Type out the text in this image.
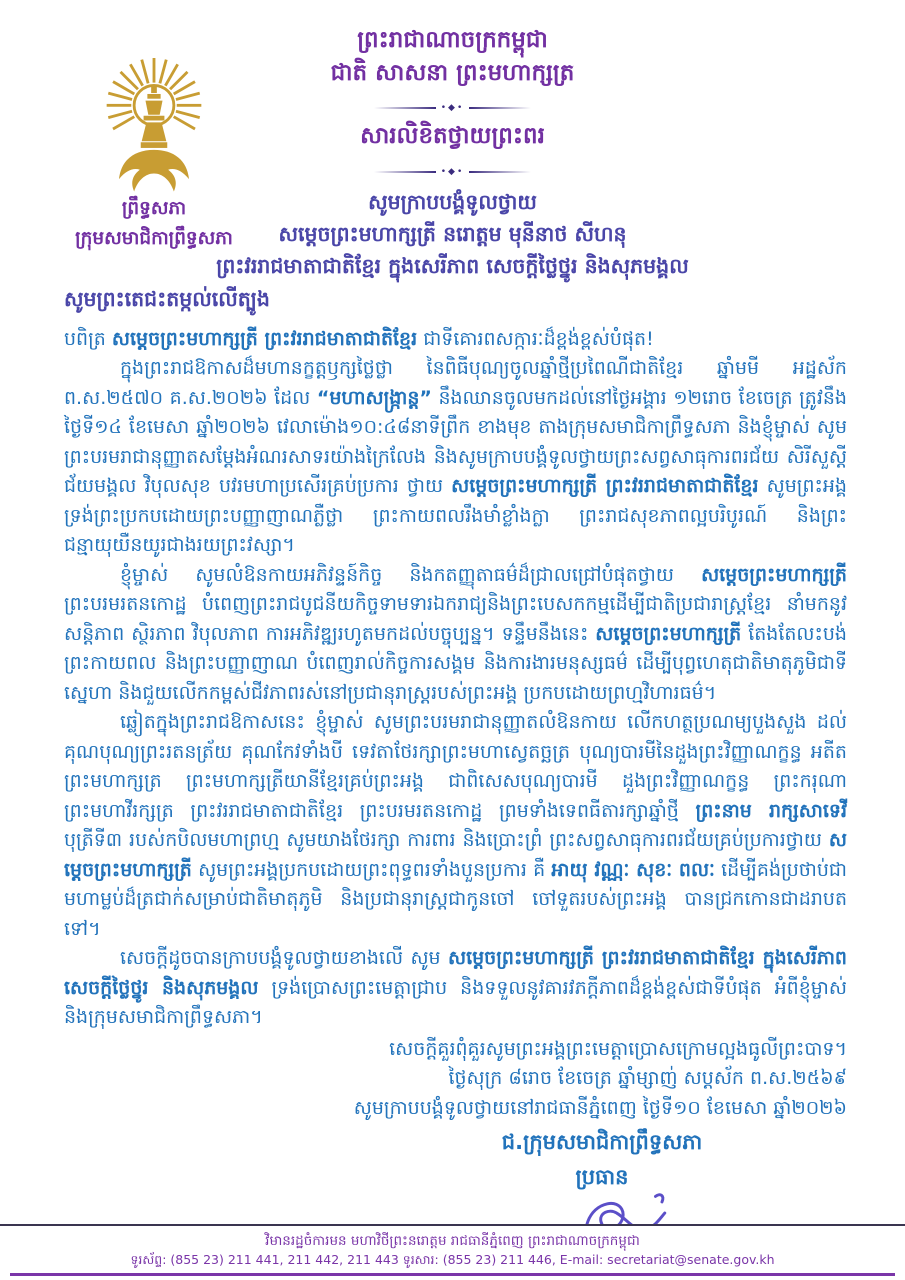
ព្រឹទ្ធសភា
ក្រុមសមាជិកាព្រឹទ្ធសភា
ព្រះរាជាណាចក្រកម្ពុជា
ជាតិ សាសនា ព្រះមហាក្សត្រ
•◆•
សារលិខិតថ្វាយព្រះពរ
•◆•
សូមក្រាបបង្គំទូលថ្វាយ
សម្តេចព្រះមហាក្សត្រី នរោត្តម មុនីនាថ សីហនុ
ព្រះវររាជមាតាជាតិខ្មែរ ក្នុងសេរីភាព សេចក្តីថ្លៃថ្នូរ និងសុភមង្គល
សូមព្រះតេជះតម្កល់លើត្បូង

បពិត្រ សម្តេចព្រះមហាក្សត្រី ព្រះវររាជមាតាជាតិខ្មែរ ជាទីគោរពសក្ការៈដ៏ខ្ពង់ខ្ពស់បំផុត!

ក្នុងព្រះរាជឱកាសដ៏មហានក្ខត្តឫក្សថ្លៃថ្លា នៃពិធីបុណ្យចូលឆ្នាំថ្មីប្រពៃណីជាតិខ្មែរ ឆ្នាំមមី អដ្ឋស័ក ព.ស.២៥៧០ គ.ស.២០២៦ ដែល “មហាសង្ក្រាន្ត” នឹងឈានចូលមកដល់នៅថ្ងៃអង្គារ ១២រោច ខែចេត្រ ត្រូវនឹងថ្ងៃទី១៤ ខែមេសា ឆ្នាំ២០២៦ វេលាម៉ោង១០:៤៨នាទីព្រឹក ខាងមុខ តាងក្រុមសមាជិកាព្រឹទ្ធសភា និងខ្ញុំម្ចាស់ សូមព្រះបរមរាជានុញ្ញាតសម្តែងអំណរសាទរយ៉ាងក្រៃលែង និងសូមក្រាបបង្គំទូលថ្វាយព្រះសព្វសាធុការពរជ័យ សិរីសួស្តី ជ័យមង្គល វិបុលសុខ បវរមហាប្រសើរគ្រប់ប្រការ ថ្វាយ សម្តេចព្រះមហាក្សត្រី ព្រះវររាជមាតាជាតិខ្មែរ សូមព្រះអង្គទ្រង់ព្រះប្រកបដោយព្រះបញ្ញាញាណភ្លឺថ្លា ព្រះកាយពលរឹងមាំខ្លាំងក្លា ព្រះរាជសុខភាពល្អបរិបូរណ៍ និងព្រះជន្មាយុយឺនយូរជាងរយព្រះវស្សា។

ខ្ញុំម្ចាស់ សូមលំឱនកាយអភិវន្ទន៍កិច្ច និងកតញ្ញុតាធម៌ដ៏ជ្រាលជ្រៅបំផុតថ្វាយ សម្តេចព្រះមហាក្សត្រី ព្រះបរមរតនកោដ្ឋ បំពេញព្រះរាជបូជនីយកិច្ចទាមទារឯករាជ្យនិងព្រះបេសកកម្មដើម្បីជាតិប្រជារាស្ត្រខ្មែរ នាំមកនូវសន្តិភាព ស្ថិរភាព វិបុលភាព ការអភិវឌ្ឍរហូតមកដល់បច្ចុប្បន្ន។ ទន្ទឹមនឹងនេះ សម្តេចព្រះមហាក្សត្រី តែងតែលះបង់ព្រះកាយពល និងព្រះបញ្ញាញាណ បំពេញរាល់កិច្ចការសង្គម និងការងារមនុស្សធម៌ ដើម្បីបុព្វហេតុជាតិមាតុភូមិជាទីស្នេហា និងជួយលើកកម្ពស់ជីវភាពរស់នៅប្រជានុរាស្ត្ររបស់ព្រះអង្គ ប្រកបដោយព្រហ្មវិហារធម៌។

ឆ្លៀតក្នុងព្រះរាជឱកាសនេះ ខ្ញុំម្ចាស់ សូមព្រះបរមរាជានុញ្ញាតលំឱនកាយ លើកហត្ថប្រណម្យបួងសួង ដល់គុណបុណ្យព្រះរតនត្រ័យ គុណកែវទាំងបី ទេវតាថែរក្សាព្រះមហាស្វេតច្ឆត្រ បុណ្យបារមីនៃដួងព្រះវិញ្ញាណក្ខន្ធ អតីតព្រះមហាក្សត្រ ព្រះមហាក្សត្រីយានីខ្មែរគ្រប់ព្រះអង្គ ជាពិសេសបុណ្យបារមី ដួងព្រះវិញ្ញាណក្ខន្ធ ព្រះករុណា ព្រះមហាវីរក្សត្រ ព្រះវររាជមាតាជាតិខ្មែរ ព្រះបរមរតនកោដ្ឋ ព្រមទាំងទេពធីតារក្សាឆ្នាំថ្មី ព្រះនាម រាក្សសាទេវី បុត្រីទី៣ របស់កបិលមហាព្រហ្ម សូមយាងថែរក្សា ការពារ និងប្រោះព្រំ ព្រះសព្វសាធុការពរជ័យគ្រប់ប្រការថ្វាយ សម្តេចព្រះមហាក្សត្រី សូមព្រះអង្គប្រកបដោយព្រះពុទ្ធពរទាំងបួនប្រការ គឺ អាយុ វណ្ណៈ សុខៈ ពលៈ ដើម្បីគង់ប្រថាប់ជាមហាម្លប់ដ៏ត្រជាក់សម្រាប់ជាតិមាតុភូមិ និងប្រជានុរាស្ត្រជាកូនចៅ ចៅទួតរបស់ព្រះអង្គ បានជ្រកកោនជាដរាបតទៅ។

សេចក្តីដូចបានក្រាបបង្គំទូលថ្វាយខាងលើ សូម សម្តេចព្រះមហាក្សត្រី ព្រះវររាជមាតាជាតិខ្មែរ ក្នុងសេរីភាព សេចក្តីថ្លៃថ្នូរ និងសុភមង្គល ទ្រង់ប្រោសព្រះមេត្តាជ្រាប និងទទួលនូវគារវភក្តីភាពដ៏ខ្ពង់ខ្ពស់ជាទីបំផុត អំពីខ្ញុំម្ចាស់ និងក្រុមសមាជិកាព្រឹទ្ធសភា។

សេចក្តីគួរពុំគួរសូមព្រះអង្គព្រះមេត្តាប្រោសក្រោមល្អងធូលីព្រះបាទ។
ថ្ងៃសុក្រ ៨រោច ខែចេត្រ ឆ្នាំម្សាញ់ សប្ដស័ក ព.ស.២៥៦៩
សូមក្រាបបង្គំទូលថ្វាយនៅរាជធានីភ្នំពេញ ថ្ងៃទី១០ ខែមេសា ឆ្នាំ២០២៦
ជ.ក្រុមសមាជិកាព្រឹទ្ធសភា
ប្រធាន
វិមានរដ្ឋចំការមន មហាវិថីព្រះនរោត្តម រាជធានីភ្នំពេញ ព្រះរាជាណាចក្រកម្ពុជា
ទូរស័ព្ទ: (855 23) 211 441, 211 442, 211 443 ទូរសារ: (855 23) 211 446, E-mail: secretariat@senate.gov.kh
